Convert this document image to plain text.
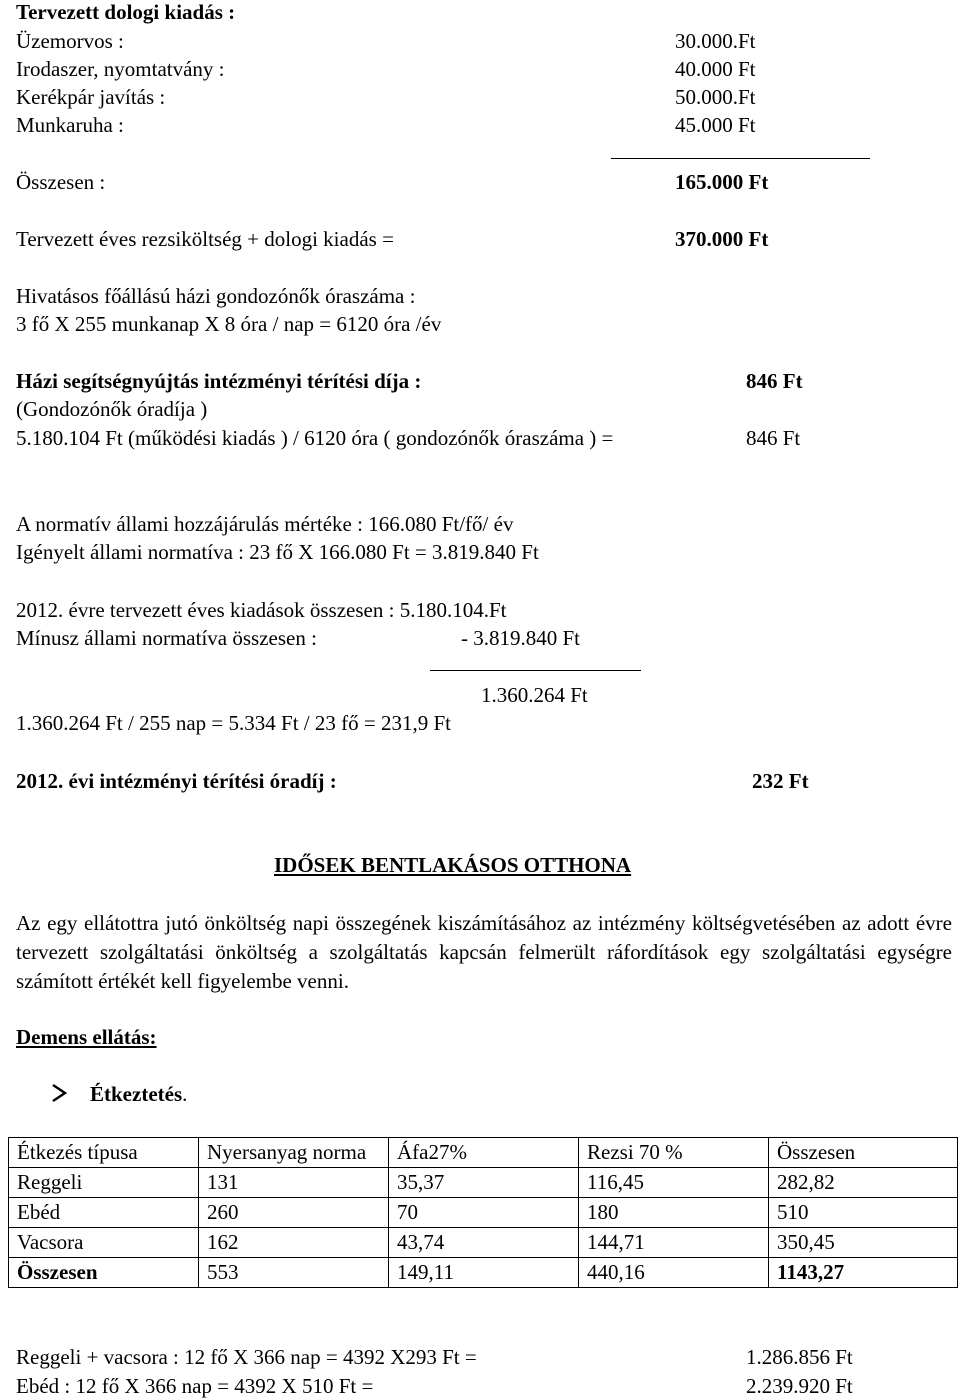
Tervezett dologi kiadás :
Üzemorvos :	30.000.Ft
Irodaszer, nyomtatvány :	40.000 Ft
Kerékpár javítás :	50.000.Ft
Munkaruha :	45.000 Ft
Összesen :	165.000 Ft
Tervezett éves rezsiköltség + dologi kiadás =	370.000 Ft
Hivatásos főállású házi gondozónők óraszáma :
3 fő X 255 munkanap X 8 óra / nap = 6120 óra /év
Házi segítségnyújtás intézményi térítési díja :	846 Ft
(Gondozónők óradíja )
5.180.104 Ft (működési kiadás ) / 6120 óra ( gondozónők óraszáma ) =	846 Ft
A normatív állami hozzájárulás mértéke : 166.080 Ft/fő/ év
Igényelt állami normatíva : 23 fő X 166.080 Ft = 3.819.840 Ft
2012. évre tervezett éves kiadások összesen : 5.180.104.Ft
Mínusz állami normatíva összesen :	- 3.819.840 Ft
1.360.264 Ft
1.360.264 Ft / 255 nap = 5.334 Ft / 23 fő = 231,9 Ft
2012. évi intézményi térítési óradíj :	232 Ft
IDŐSEK BENTLAKÁSOS OTTHONA
Az egy ellátottra jutó önköltség napi összegének kiszámításához az intézmény költségvetésében az adott évre tervezett szolgáltatási önköltség a szolgáltatás kapcsán felmerült ráfordítások egy szolgáltatási egységre számított értékét kell figyelembe venni.
Demens ellátás:
Étkeztetés.
Étkezés típusa	Nyersanyag norma	Áfa27%	Rezsi 70 %	Összesen
Reggeli	131	35,37	116,45	282,82
Ebéd	260	70	180	510
Vacsora	162	43,74	144,71	350,45
Összesen	553	149,11	440,16	1143,27
Reggeli + vacsora : 12 fő X 366 nap = 4392 X293 Ft =	1.286.856 Ft
Ebéd : 12 fő X 366 nap = 4392 X 510 Ft =	2.239.920 Ft
